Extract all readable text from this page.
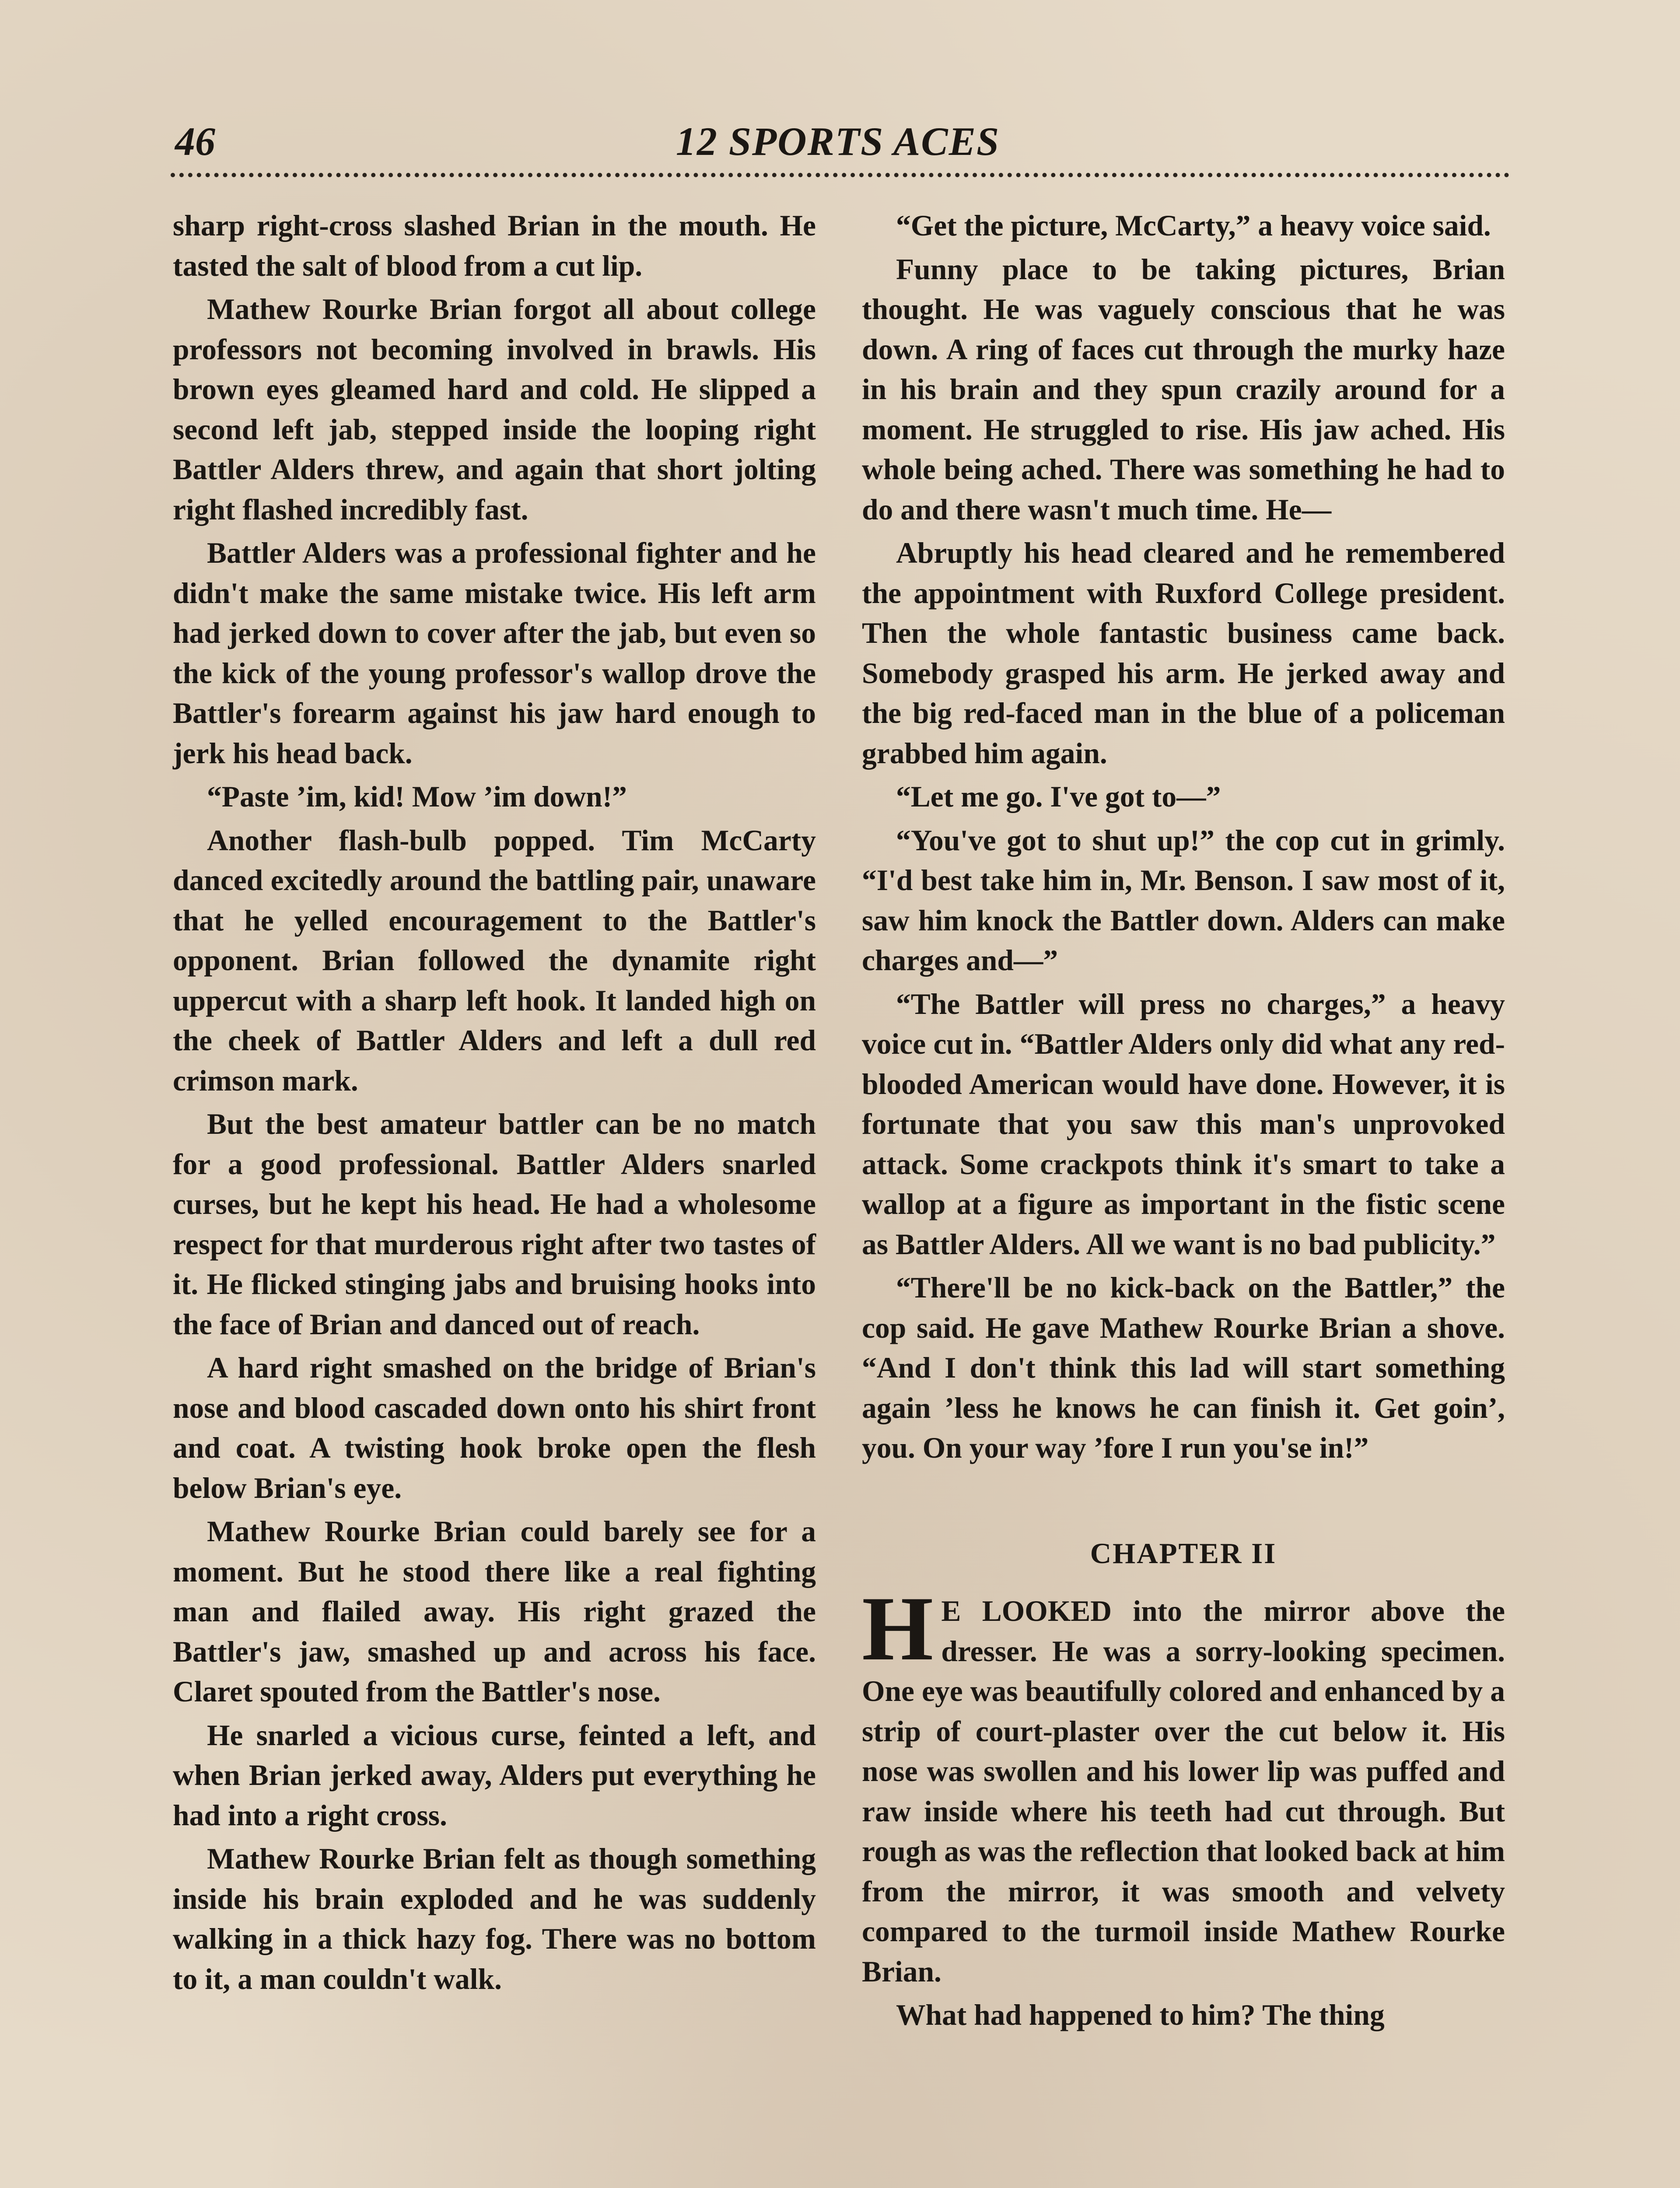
46	12 SPORTS ACES

sharp right-cross slashed Brian in the mouth. He tasted the salt of blood from a cut lip.

Mathew Rourke Brian forgot all about college professors not becoming involved in brawls. His brown eyes gleamed hard and cold. He slipped a second left jab, stepped inside the looping right Battler Alders threw, and again that short jolting right flashed incredibly fast.

Battler Alders was a professional fighter and he didn't make the same mistake twice. His left arm had jerked down to cover after the jab, but even so the kick of the young professor's wallop drove the Battler's forearm against his jaw hard enough to jerk his head back.

“Paste ’im, kid! Mow ’im down!”

Another flash-bulb popped. Tim McCarty danced excitedly around the battling pair, unaware that he yelled encouragement to the Battler's opponent. Brian followed the dynamite right uppercut with a sharp left hook. It landed high on the cheek of Battler Alders and left a dull red crimson mark.

But the best amateur battler can be no match for a good professional. Battler Alders snarled curses, but he kept his head. He had a wholesome respect for that murderous right after two tastes of it. He flicked stinging jabs and bruising hooks into the face of Brian and danced out of reach.

A hard right smashed on the bridge of Brian's nose and blood cascaded down onto his shirt front and coat. A twisting hook broke open the flesh below Brian's eye.

Mathew Rourke Brian could barely see for a moment. But he stood there like a real fighting man and flailed away. His right grazed the Battler's jaw, smashed up and across his face. Claret spouted from the Battler's nose.

He snarled a vicious curse, feinted a left, and when Brian jerked away, Alders put everything he had into a right cross.

Mathew Rourke Brian felt as though something inside his brain exploded and he was suddenly walking in a thick hazy fog. There was no bottom to it, a man couldn't walk.

“Get the picture, McCarty,” a heavy voice said.

Funny place to be taking pictures, Brian thought. He was vaguely conscious that he was down. A ring of faces cut through the murky haze in his brain and they spun crazily around for a moment. He struggled to rise. His jaw ached. His whole being ached. There was something he had to do and there wasn't much time. He—

Abruptly his head cleared and he remembered the appointment with Ruxford College president. Then the whole fantastic business came back. Somebody grasped his arm. He jerked away and the big red-faced man in the blue of a policeman grabbed him again.

“Let me go. I've got to—”

“You've got to shut up!” the cop cut in grimly. “I'd best take him in, Mr. Benson. I saw most of it, saw him knock the Battler down. Alders can make charges and—”

“The Battler will press no charges,” a heavy voice cut in. “Battler Alders only did what any red-blooded American would have done. However, it is fortunate that you saw this man's unprovoked attack. Some crackpots think it's smart to take a wallop at a figure as important in the fistic scene as Battler Alders. All we want is no bad publicity.”

“There'll be no kick-back on the Battler,” the cop said. He gave Mathew Rourke Brian a shove. “And I don't think this lad will start something again ’less he knows he can finish it. Get goin’, you. On your way ’fore I run you'se in!”

CHAPTER II

H E LOOKED into the mirror above the dresser. He was a sorry-looking specimen. One eye was beautifully colored and enhanced by a strip of court-plaster over the cut below it. His nose was swollen and his lower lip was puffed and raw inside where his teeth had cut through. But rough as was the reflection that looked back at him from the mirror, it was smooth and velvety compared to the turmoil inside Mathew Rourke Brian.

What had happened to him? The thing
